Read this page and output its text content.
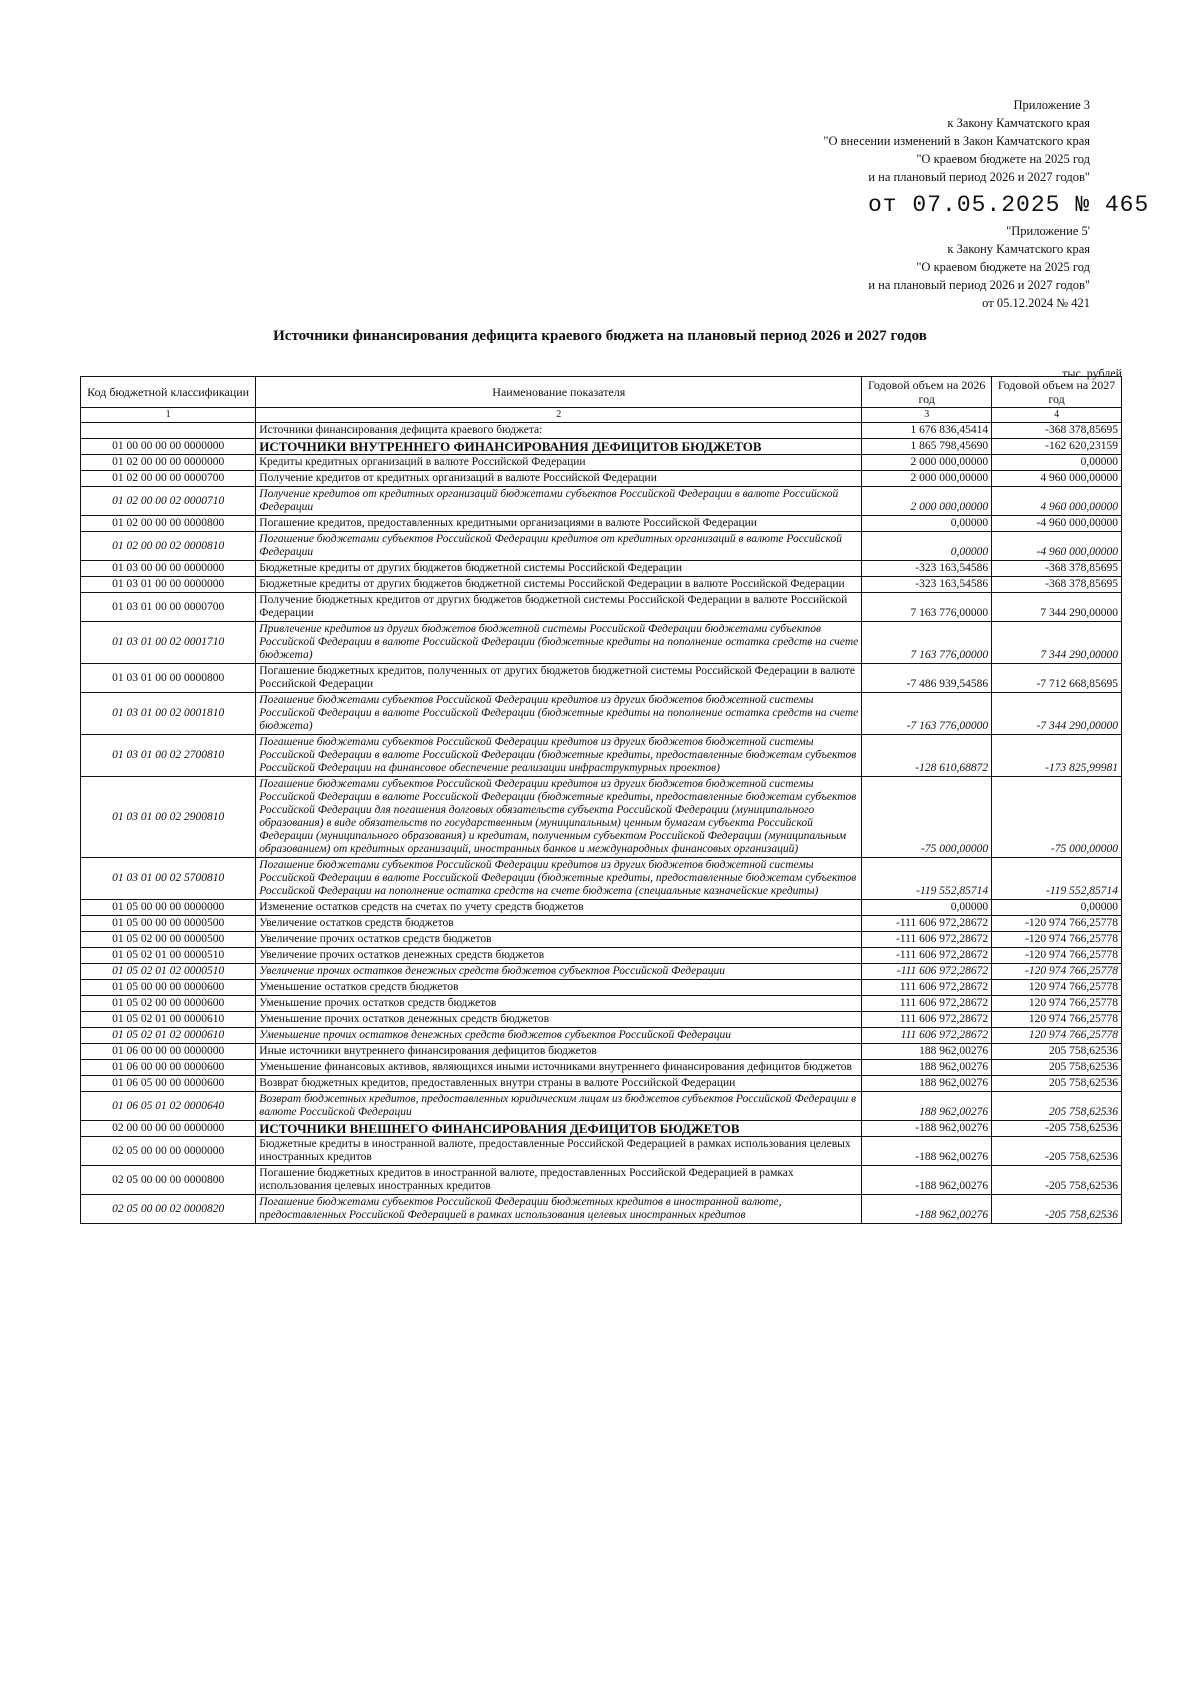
Приложение 3
к Закону Камчатского края
"О внесении изменений в Закон Камчатского края
"О краевом бюджете на 2025 год
и на плановый период 2026 и 2027 годов"
от 07.05.2025 № 465
"Приложение 5'
к Закону Камчатского края
"О краевом бюджете на 2025 год
и на плановый период 2026 и 2027 годов"
от 05.12.2024 № 421
Источники финансирования дефицита краевого бюджета на плановый период 2026 и 2027 годов
тыс. рублей
Код бюджетной классификации	Наименование показателя	Годовой объем на 2026 год	Годовой объем на 2027 год
1	2	3	4
	Источники финансирования дефицита краевого бюджета:	1 676 836,45414	-368 378,85695
01 00 00 00 00 0000000	ИСТОЧНИКИ ВНУТРЕННЕГО ФИНАНСИРОВАНИЯ ДЕФИЦИТОВ БЮДЖЕТОВ	1 865 798,45690	-162 620,23159
01 02 00 00 00 0000000	Кредиты кредитных организаций в валюте Российской Федерации	2 000 000,00000	0,00000
01 02 00 00 00 0000700	Получение кредитов от кредитных организаций в валюте Российской Федерации	2 000 000,00000	4 960 000,00000
01 02 00 00 02 0000710	Получение кредитов от кредитных организаций бюджетами субъектов Российской Федерации в валюте Российской Федерации	2 000 000,00000	4 960 000,00000
01 02 00 00 00 0000800	Погашение кредитов, предоставленных кредитными организациями в валюте Российской Федерации	0,00000	-4 960 000,00000
01 02 00 00 02 0000810	Погашение бюджетами субъектов Российской Федерации кредитов от кредитных организаций в валюте Российской Федерации	0,00000	-4 960 000,00000
01 03 00 00 00 0000000	Бюджетные кредиты от других бюджетов бюджетной системы Российской Федерации	-323 163,54586	-368 378,85695
01 03 01 00 00 0000000	Бюджетные кредиты от других бюджетов бюджетной системы Российской Федерации в валюте Российской Федерации	-323 163,54586	-368 378,85695
01 03 01 00 00 0000700	Получение бюджетных кредитов от других бюджетов бюджетной системы Российской Федерации в валюте Российской Федерации	7 163 776,00000	7 344 290,00000
01 03 01 00 02 0001710	Привлечение кредитов из других бюджетов бюджетной системы Российской Федерации бюджетами субъектов Российской Федерации в валюте Российской Федерации (бюджетные кредиты на пополнение остатка средств на счете бюджета)	7 163 776,00000	7 344 290,00000
01 03 01 00 00 0000800	Погашение бюджетных кредитов, полученных от других бюджетов бюджетной системы Российской Федерации в валюте Российской Федерации	-7 486 939,54586	-7 712 668,85695
01 03 01 00 02 0001810	Погашение бюджетами субъектов Российской Федерации кредитов из других бюджетов бюджетной системы Российской Федерации в валюте Российской Федерации (бюджетные кредиты на пополнение остатка средств на счете бюджета)	-7 163 776,00000	-7 344 290,00000
01 03 01 00 02 2700810	Погашение бюджетами субъектов Российской Федерации кредитов из других бюджетов бюджетной системы Российской Федерации в валюте Российской Федерации (бюджетные кредиты, предоставленные бюджетам субъектов Российской Федерации на финансовое обеспечение реализации инфраструктурных проектов)	-128 610,68872	-173 825,99981
01 03 01 00 02 2900810	Погашение бюджетами субъектов Российской Федерации кредитов из других бюджетов бюджетной системы Российской Федерации в валюте Российской Федерации (бюджетные кредиты, предоставленные бюджетам субъектов Российской Федерации для погашения долговых обязательств субъекта Российской Федерации (муниципального образования) в виде обязательств по государственным (муниципальным) ценным бумагам субъекта Российской Федерации (муниципального образования) и кредитам, полученным субъектом Российской Федерации (муниципальным образованием) от кредитных организаций, иностранных банков и международных финансовых организаций)	-75 000,00000	-75 000,00000
01 03 01 00 02 5700810	Погашение бюджетами субъектов Российской Федерации кредитов из других бюджетов бюджетной системы Российской Федерации в валюте Российской Федерации (бюджетные кредиты, предоставленные бюджетам субъектов Российской Федерации на пополнение остатка средств на счете бюджета (специальные казначейские кредиты)	-119 552,85714	-119 552,85714
01 05 00 00 00 0000000	Изменение остатков средств на счетах по учету средств бюджетов	0,00000	0,00000
01 05 00 00 00 0000500	Увеличение остатков средств бюджетов	-111 606 972,28672	-120 974 766,25778
01 05 02 00 00 0000500	Увеличение прочих остатков средств бюджетов	-111 606 972,28672	-120 974 766,25778
01 05 02 01 00 0000510	Увеличение прочих остатков денежных средств бюджетов	-111 606 972,28672	-120 974 766,25778
01 05 02 01 02 0000510	Увеличение прочих остатков денежных средств бюджетов субъектов Российской Федерации	-111 606 972,28672	-120 974 766,25778
01 05 00 00 00 0000600	Уменьшение остатков средств бюджетов	111 606 972,28672	120 974 766,25778
01 05 02 00 00 0000600	Уменьшение прочих остатков средств бюджетов	111 606 972,28672	120 974 766,25778
01 05 02 01 00 0000610	Уменьшение прочих остатков денежных средств бюджетов	111 606 972,28672	120 974 766,25778
01 05 02 01 02 0000610	Уменьшение прочих остатков денежных средств бюджетов субъектов Российской Федерации	111 606 972,28672	120 974 766,25778
01 06 00 00 00 0000000	Иные источники внутреннего финансирования дефицитов бюджетов	188 962,00276	205 758,62536
01 06 00 00 00 0000600	Уменьшение финансовых активов, являющихся иными источниками внутреннего финансирования дефицитов бюджетов	188 962,00276	205 758,62536
01 06 05 00 00 0000600	Возврат бюджетных кредитов, предоставленных внутри страны в валюте Российской Федерации	188 962,00276	205 758,62536
01 06 05 01 02 0000640	Возврат бюджетных кредитов, предоставленных юридическим лицам из бюджетов субъектов Российской Федерации в валюте Российской Федерации	188 962,00276	205 758,62536
02 00 00 00 00 0000000	ИСТОЧНИКИ ВНЕШНЕГО ФИНАНСИРОВАНИЯ ДЕФИЦИТОВ БЮДЖЕТОВ	-188 962,00276	-205 758,62536
02 05 00 00 00 0000000	Бюджетные кредиты в иностранной валюте, предоставленные Российской Федерацией в рамках использования целевых иностранных кредитов	-188 962,00276	-205 758,62536
02 05 00 00 00 0000800	Погашение бюджетных кредитов в иностранной валюте, предоставленных Российской Федерацией в рамках использования целевых иностранных кредитов	-188 962,00276	-205 758,62536
02 05 00 00 02 0000820	Погашение бюджетами субъектов Российской Федерации бюджетных кредитов в иностранной валюте, предоставленных Российской Федерацией в рамках использования целевых иностранных кредитов	-188 962,00276	-205 758,62536
